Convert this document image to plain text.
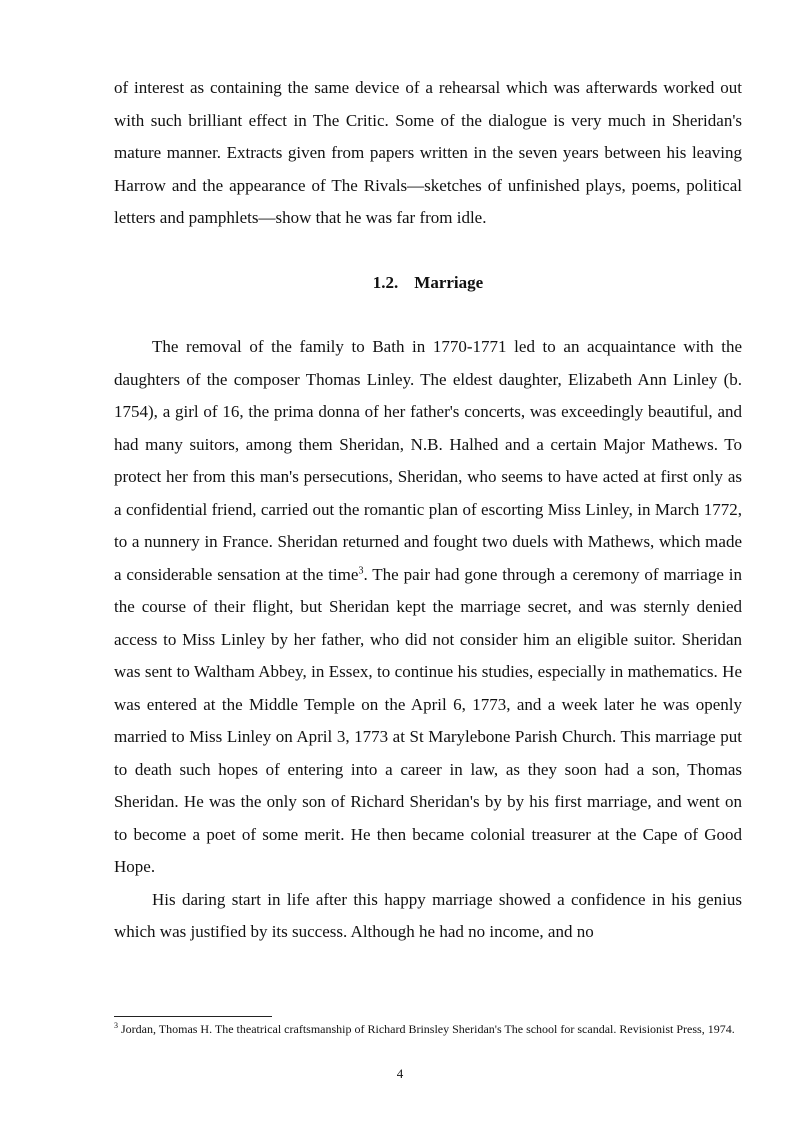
of interest as containing the same device of a rehearsal which was afterwards worked out with such brilliant effect in The Critic. Some of the dialogue is very much in Sheridan's mature manner. Extracts given from papers written in the seven years between his leaving Harrow and the appearance of The Rivals—sketches of unfinished plays, poems, political letters and pamphlets—show that he was far from idle.

1.2. Marriage

The removal of the family to Bath in 1770-1771 led to an acquaintance with the daughters of the composer Thomas Linley. The eldest daughter, Elizabeth Ann Linley (b. 1754), a girl of 16, the prima donna of her father's concerts, was exceedingly beautiful, and had many suitors, among them Sheridan, N.B. Halhed and a certain Major Mathews. To protect her from this man's persecutions, Sheridan, who seems to have acted at first only as a confidential friend, carried out the romantic plan of escorting Miss Linley, in March 1772, to a nunnery in France. Sheridan returned and fought two duels with Mathews, which made a considerable sensation at the time$^3$. The pair had gone through a ceremony of marriage in the course of their flight, but Sheridan kept the marriage secret, and was sternly denied access to Miss Linley by her father, who did not consider him an eligible suitor. Sheridan was sent to Waltham Abbey, in Essex, to continue his studies, especially in mathematics. He was entered at the Middle Temple on the April 6, 1773, and a week later he was openly married to Miss Linley on April 3, 1773 at St Marylebone Parish Church. This marriage put to death such hopes of entering into a career in law, as they soon had a son, Thomas Sheridan. He was the only son of Richard Sheridan's by by his first marriage, and went on to become a poet of some merit. He then became colonial treasurer at the Cape of Good Hope.

His daring start in life after this happy marriage showed a confidence in his genius which was justified by its success. Although he had no income, and no

$^3$ Jordan, Thomas H. The theatrical craftsmanship of Richard Brinsley Sheridan's The school for scandal. Revisionist Press, 1974.

4
